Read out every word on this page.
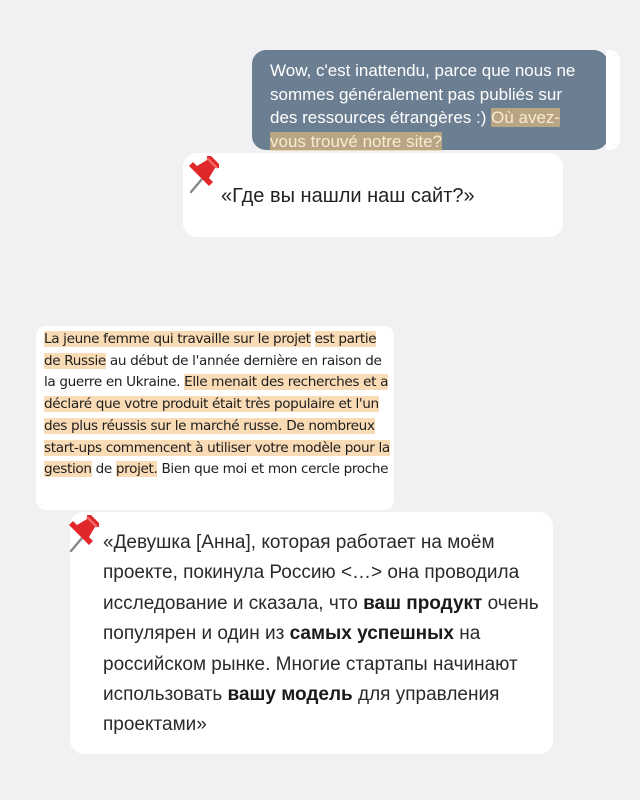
Wow, c'est inattendu, parce que nous ne sommes généralement pas publiés sur des ressources étrangères :) Où avez-vous trouvé notre site?
«Где вы нашли наш сайт?»
La jeune femme qui travaille sur le projet est partie de Russie au début de l'année dernière en raison de la guerre en Ukraine. Elle menait des recherches et a déclaré que votre produit était très populaire et l'un des plus réussis sur le marché russe. De nombreux start-ups commencent à utiliser votre modèle pour la gestion de projet. Bien que moi et mon cercle proche
«Девушка [Анна], которая работает на моём проекте, покинула Россию <…> она проводила исследование и сказала, что ваш продукт очень популярен и один из самых успешных на российском рынке. Многие стартапы начинают использовать вашу модель для управления проектами»
